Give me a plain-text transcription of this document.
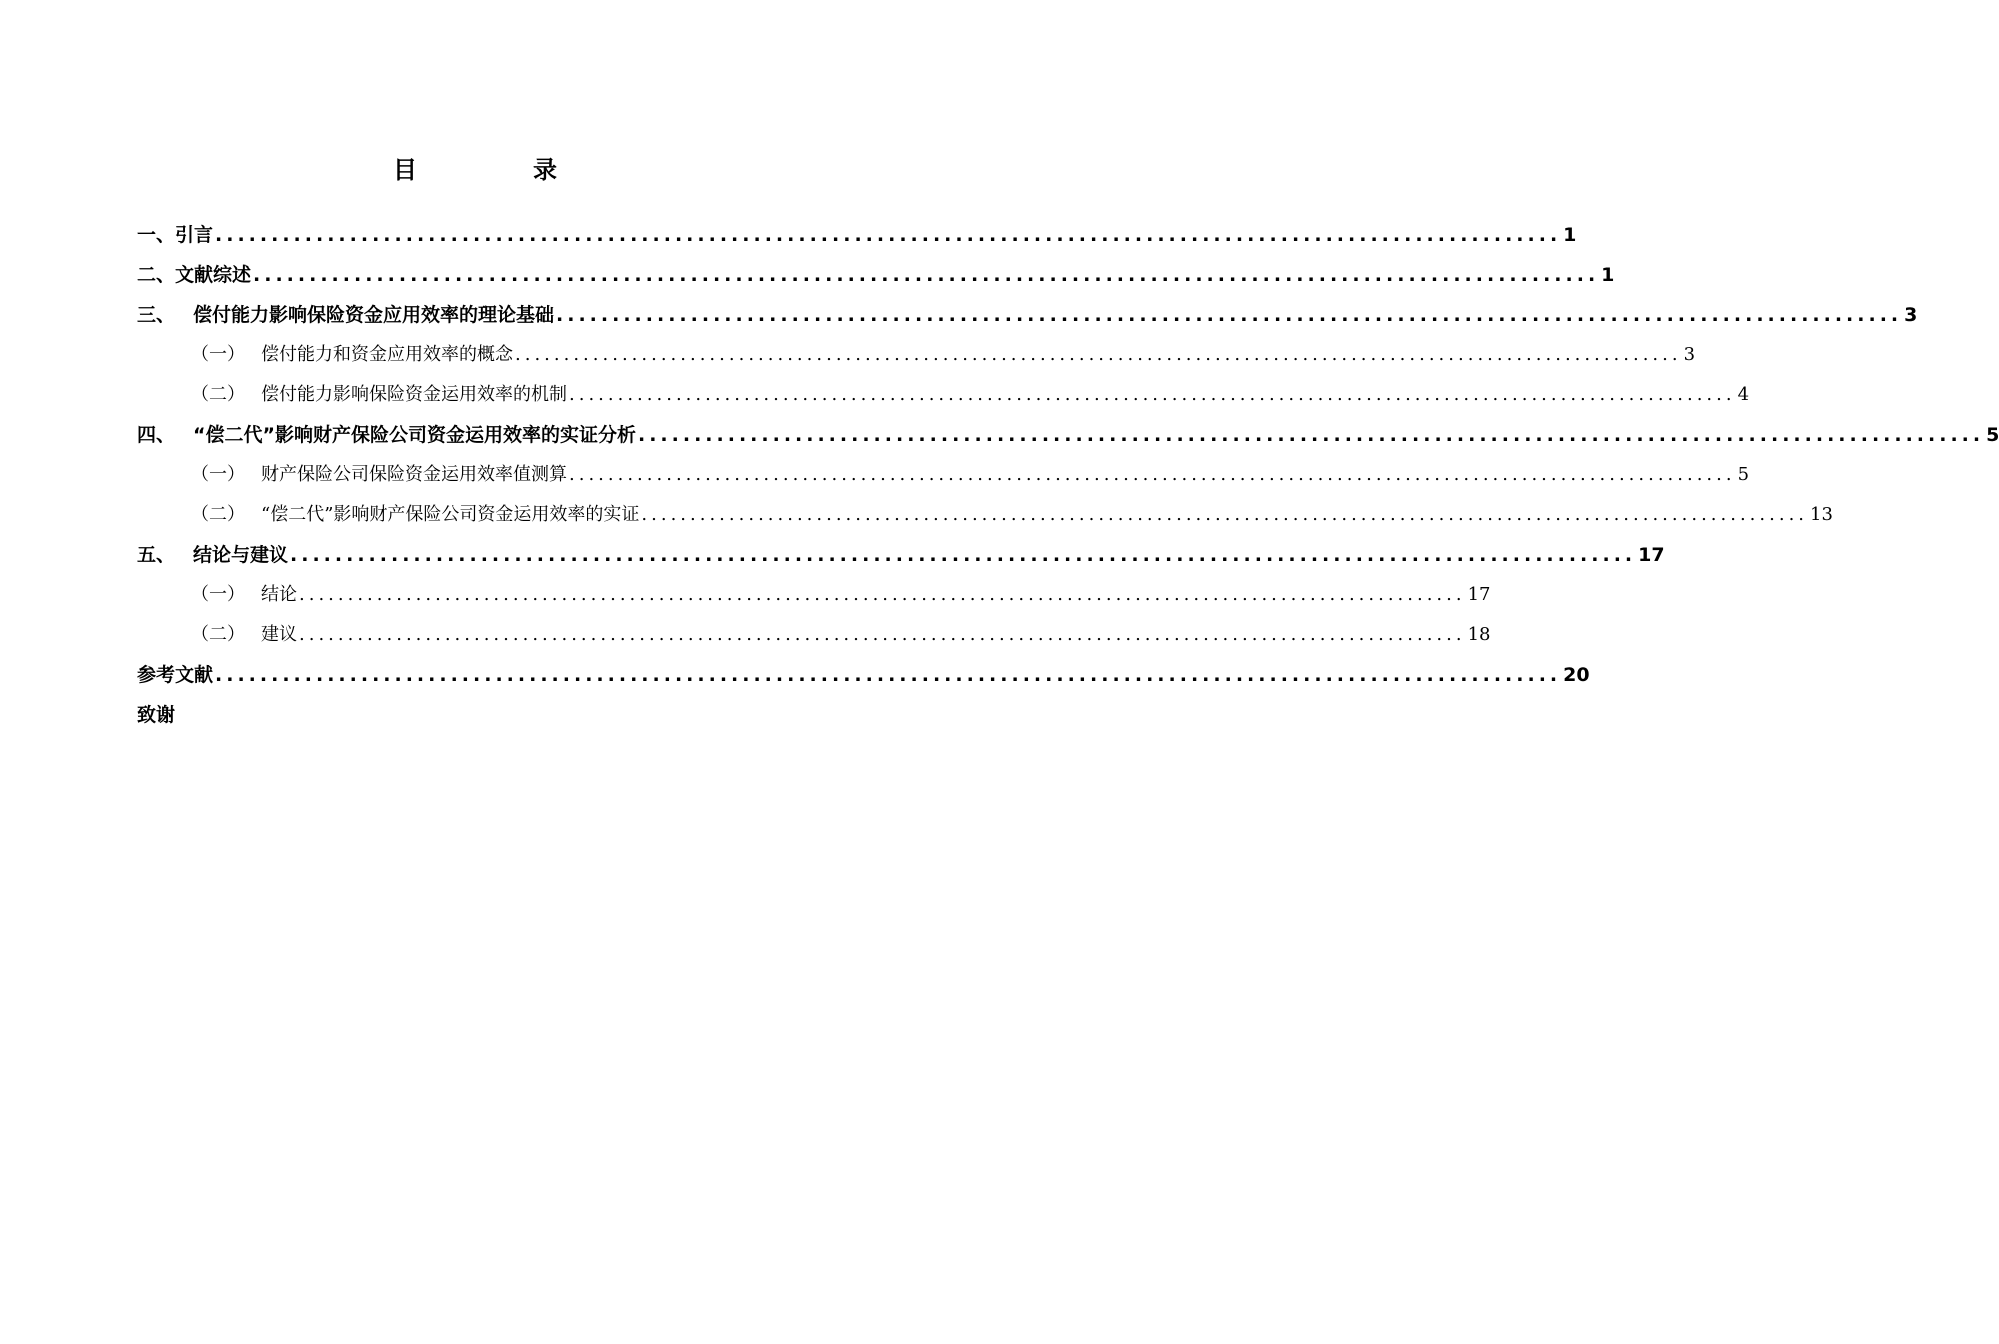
目　录
一、 引言 ........................................................................................................................ 1
二、 文献综述 ........................................................................................................................ 1
三、 偿付能力影响保险资金应用效率的理论基础 ........................................................................................................................ 3
（一） 偿付能力和资金应用效率的概念 ........................................................................................................................ 3
（二） 偿付能力影响保险资金运用效率的机制 ........................................................................................................................ 4
四、 “偿二代”影响财产保险公司资金运用效率的实证分析 ........................................................................................................................ 5
（一） 财产保险公司保险资金运用效率值测算 ........................................................................................................................ 5
（二） “偿二代”影响财产保险公司资金运用效率的实证 ........................................................................................................................ 13
五、 结论与建议 ........................................................................................................................ 17
（一） 结论 ........................................................................................................................ 17
（二） 建议 ........................................................................................................................ 18
参考文献 ........................................................................................................................ 20
致谢
